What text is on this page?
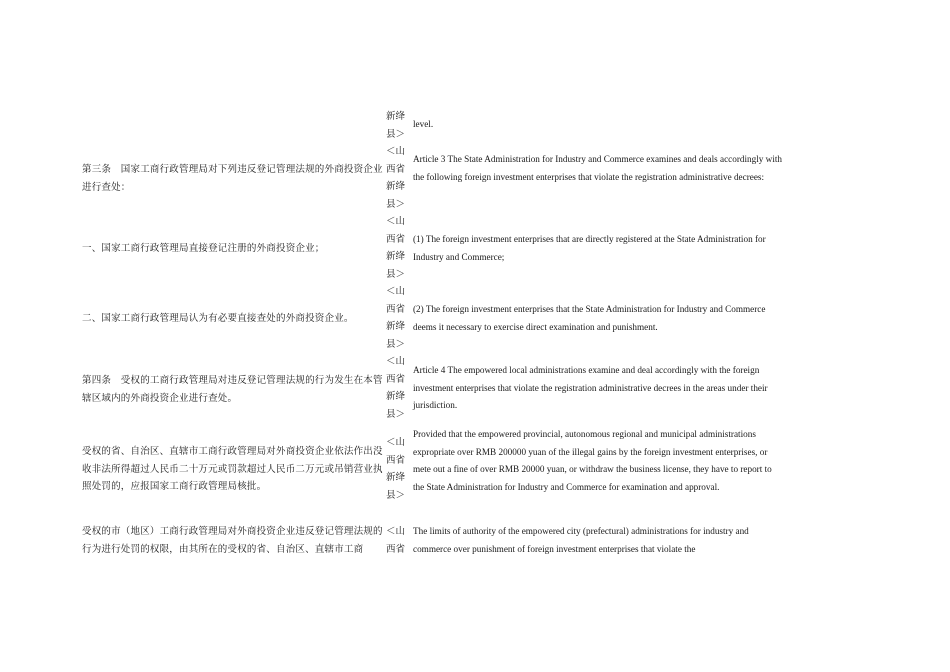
新绛县＞
＜山西省新绛县＞
＜山西省新绛县＞
＜山西省新绛县＞
＜山西省新绛县＞
＜山西省新绛县＞
＜山西省
level.
第三条　国家工商行政管理局对下列违反登记管理法规的外商投资企业进行查处：
Article 3 The State Administration for Industry and Commerce examines and deals accordingly with the following foreign investment enterprises that violate the registration administrative decrees:
一、国家工商行政管理局直接登记注册的外商投资企业；
(1) The foreign investment enterprises that are directly registered at the State Administration for Industry and Commerce;
二、国家工商行政管理局认为有必要直接查处的外商投资企业。
(2) The foreign investment enterprises that the State Administration for Industry and Commerce deems it necessary to exercise direct examination and punishment.
第四条　受权的工商行政管理局对违反登记管理法规的行为发生在本管辖区域内的外商投资企业进行查处。
Article 4 The empowered local administrations examine and deal accordingly with the foreign investment enterprises that violate the registration administrative decrees in the areas under their jurisdiction.
受权的省、自治区、直辖市工商行政管理局对外商投资企业依法作出没收非法所得超过人民币二十万元或罚款超过人民币二万元或吊销营业执照处罚的，应报国家工商行政管理局核批。
Provided that the empowered provincial, autonomous regional and municipal administrations expropriate over RMB 200000 yuan of the illegal gains by the foreign investment enterprises, or mete out a fine of over RMB 20000 yuan, or withdraw the business license, they have to report to the State Administration for Industry and Commerce for examination and approval.
受权的市（地区）工商行政管理局对外商投资企业违反登记管理法规的行为进行处罚的权限，由其所在的受权的省、自治区、直辖市工商
The limits of authority of the empowered city (prefectural) administrations for industry and commerce over punishment of foreign investment enterprises that violate the
